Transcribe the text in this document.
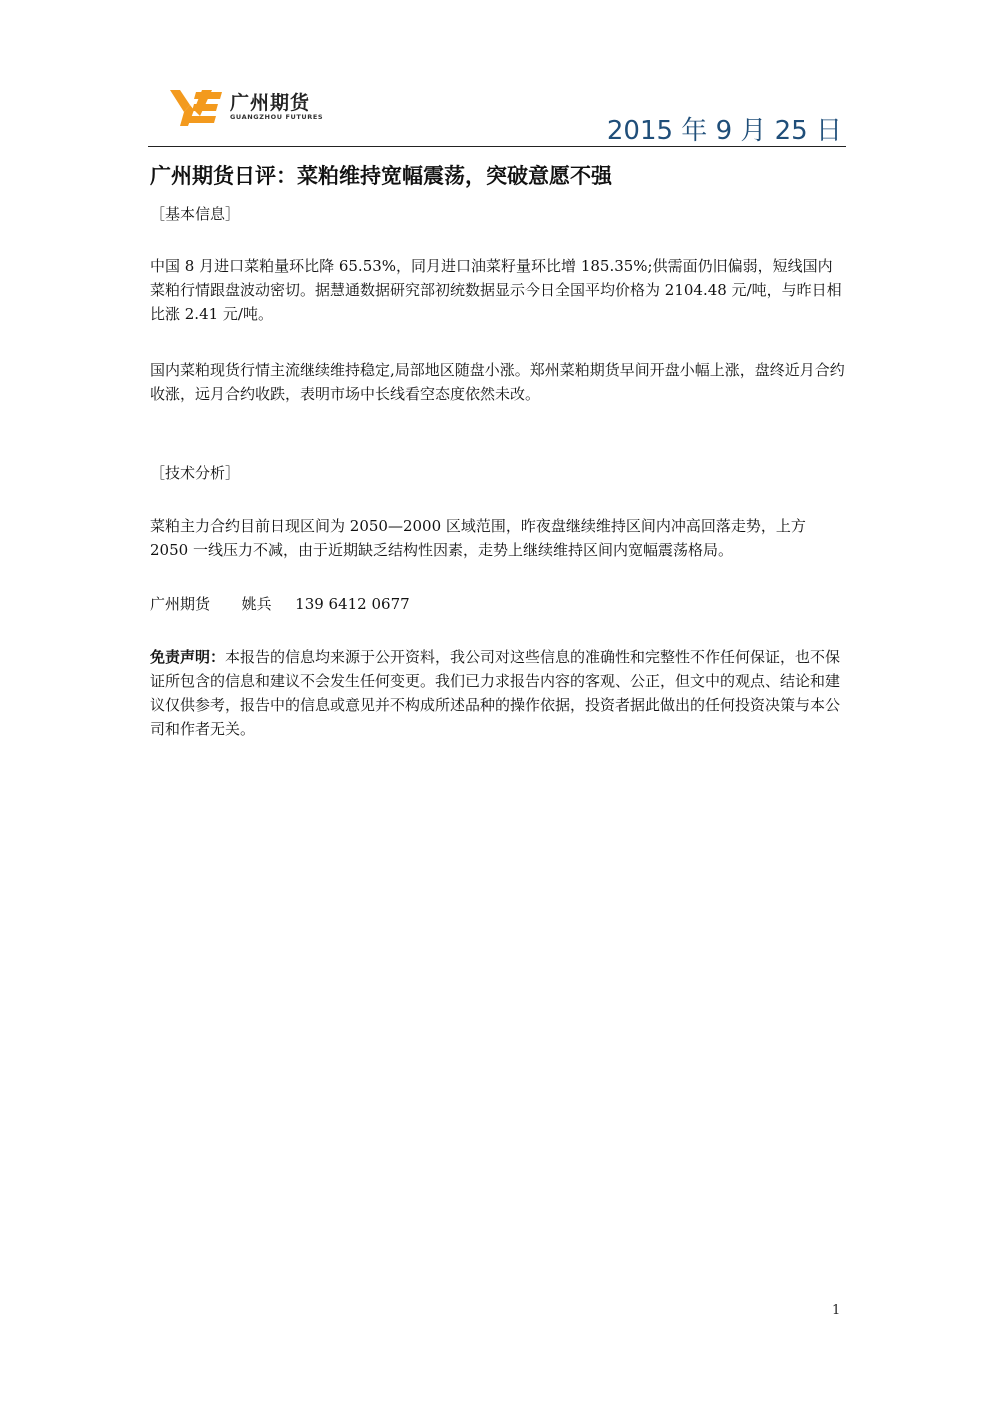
广州期货
GUANGZHOU FUTURES	2015 年 9 月 25 日
广州期货日评：菜粕维持宽幅震荡，突破意愿不强
［基本信息］

中国 8 月进口菜粕量环比降 65.53%，同月进口油菜籽量环比增 185.35%;供需面仍旧偏弱，短线国内菜粕行情跟盘波动密切。据慧通数据研究部初统数据显示今日全国平均价格为 2104.48 元/吨，与昨日相比涨 2.41 元/吨。

国内菜粕现货行情主流继续维持稳定,局部地区随盘小涨。郑州菜粕期货早间开盘小幅上涨，盘终近月合约收涨，远月合约收跌，表明市场中长线看空态度依然未改。

［技术分析］

菜粕主力合约目前日现区间为 2050—2000 区域范围，昨夜盘继续维持区间内冲高回落走势，上方 2050 一线压力不减，由于近期缺乏结构性因素，走势上继续维持区间内宽幅震荡格局。

广州期货 姚兵 139 6412 0677

免责声明：本报告的信息均来源于公开资料，我公司对这些信息的准确性和完整性不作任何保证，也不保证所包含的信息和建议不会发生任何变更。我们已力求报告内容的客观、公正，但文中的观点、结论和建议仅供参考，报告中的信息或意见并不构成所述品种的操作依据，投资者据此做出的任何投资决策与本公司和作者无关。

1
